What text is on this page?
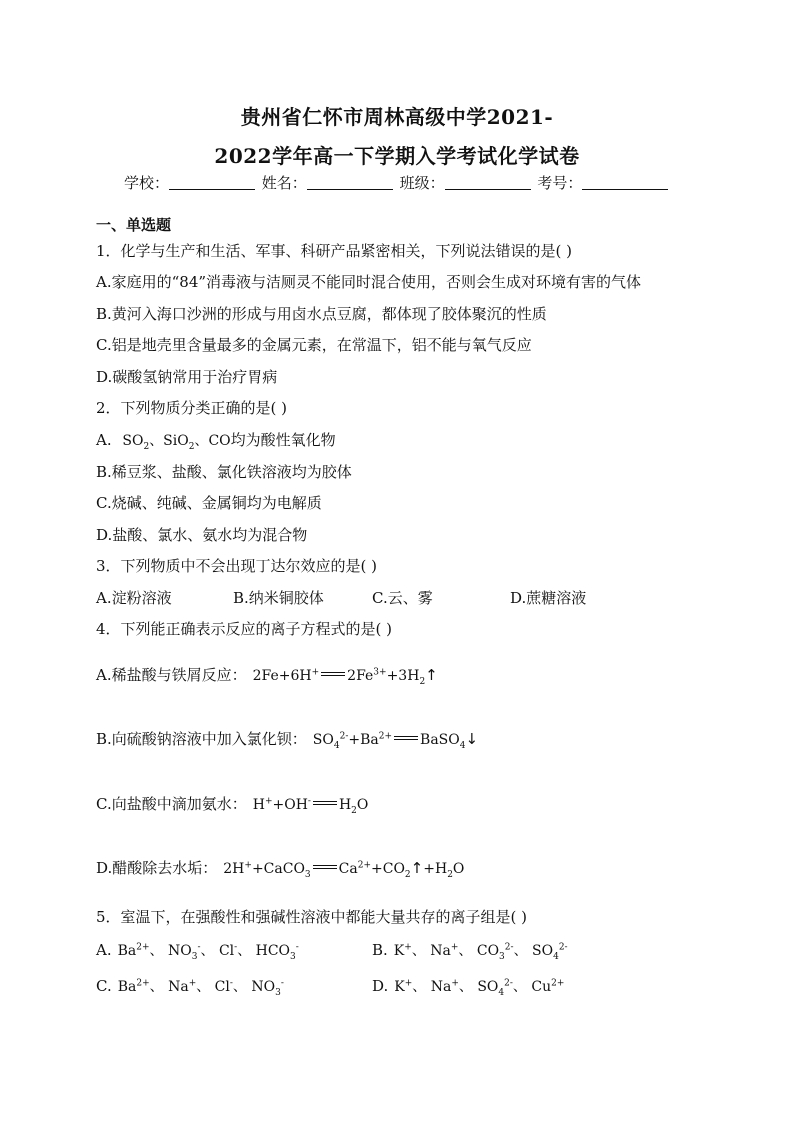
贵州省仁怀市周林高级中学2021-
2022学年高一下学期入学考试化学试卷
学校：	姓名：	班级：	考号：
一、单选题
1．化学与生产和生活、军事、科研产品紧密相关，下列说法错误的是( )
A.家庭用的“84”消毒液与洁厕灵不能同时混合使用，否则会生成对环境有害的气体
B.黄河入海口沙洲的形成与用卤水点豆腐，都体现了胶体聚沉的性质
C.铝是地壳里含量最多的金属元素，在常温下，铝不能与氧气反应
D.碳酸氢钠常用于治疗胃病
2．下列物质分类正确的是( )
A. $SO_2$、SiO$_2$、CO均为酸性氧化物
B.稀豆浆、盐酸、氯化铁溶液均为胶体
C.烧碱、纯碱、金属铜均为电解质
D.盐酸、氯水、氨水均为混合物
3．下列物质中不会出现丁达尔效应的是( )
A.淀粉溶液	B.纳米铜胶体	C.云、雾	D.蔗糖溶液
4．下列能正确表示反应的离子方程式的是( )
A.稀盐酸与铁屑反应： 2Fe+6H+ $2Fe^{3+}+3H_2↑$
B.向硫酸钠溶液中加入氯化钡： $SO_4^{2-}+Ba^{2+}$ BaSO$_4$↓
C.向盐酸中滴加氨水： H++OH- $H_2O$
D.醋酸除去水垢： 2H++CaCO$_3$ $Ca^{2+}+CO_2↑+H_2O$
5．室温下，在强酸性和强碱性溶液中都能大量共存的离子组是( )
A. $Ba^{2+}$、 $NO_3^-$、 Cl-、 $HCO_3^-$	B. K+、 Na+、 $CO_3^{2-}$、 $SO_4^{2-}$
C. $Ba^{2+}$、 Na+、 Cl-、 $NO_3^-$	D. K+、 Na+、 $SO_4^{2-}$、 $Cu^{2+}$
